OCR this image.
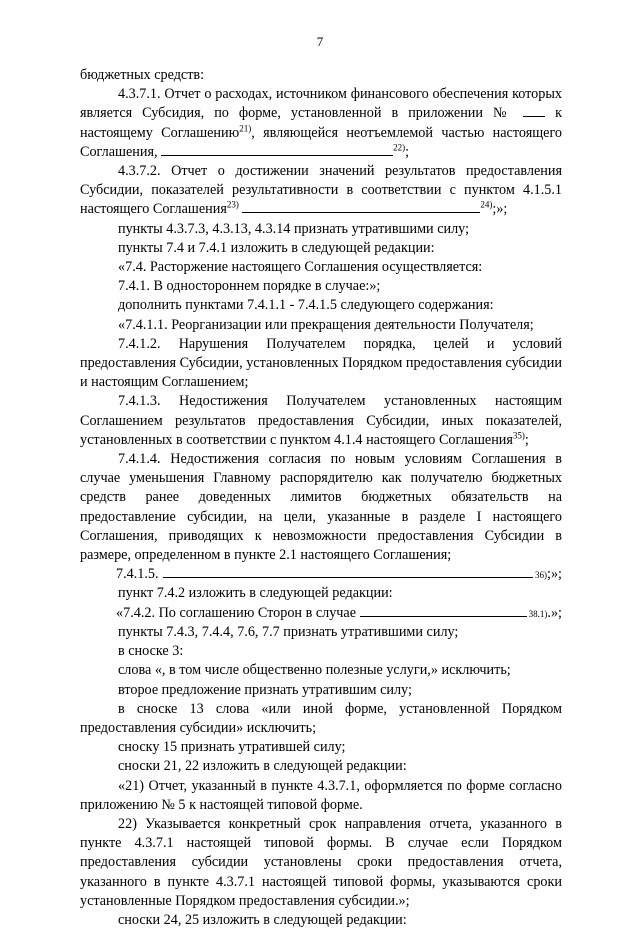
7

бюджетных средств:

4.3.7.1. Отчет о расходах, источником финансового обеспечения которых является Субсидия, по форме, установленной в приложении №	к настоящему Соглашению$^{21)}$, являющейся неотъемлемой частью настоящего Соглашения,	$^{22)}$;

4.3.7.2. Отчет о достижении значений результатов предоставления Субсидии, показателей результативности в соответствии с пунктом 4.1.5.1 настоящего Соглашения$^{23)}$	$^{24)}$;»;

пункты 4.3.7.3, 4.3.13, 4.3.14 признать утратившими силу;

пункты 7.4 и 7.4.1 изложить в следующей редакции:

«7.4. Расторжение настоящего Соглашения осуществляется:

7.4.1. В одностороннем порядке в случае:»;

дополнить пунктами 7.4.1.1 - 7.4.1.5 следующего содержания:

«7.4.1.1. Реорганизации или прекращения деятельности Получателя;

7.4.1.2. Нарушения Получателем порядка, целей и условий предоставления Субсидии, установленных Порядком предоставления субсидии и настоящим Соглашением;

7.4.1.3. Недостижения Получателем установленных настоящим Соглашением результатов предоставления Субсидии, иных показателей, установленных в соответствии с пунктом 4.1.4 настоящего Соглашения$^{35)}$;

7.4.1.4. Недостижения согласия по новым условиям Соглашения в случае уменьшения Главному распорядителю как получателю бюджетных средств ранее доведенных лимитов бюджетных обязательств на предоставление субсидии, на цели, указанные в разделе I настоящего Соглашения, приводящих к невозможности предоставления Субсидии в размере, определенном в пункте 2.1 настоящего Соглашения;

7.4.1.5.	36) ;»;

пункт 7.4.2 изложить в следующей редакции:

«7.4.2. По соглашению Сторон в случае	38.1) .»;

пункты 7.4.3, 7.4.4, 7.6, 7.7 признать утратившими силу;

в сноске 3:

слова «, в том числе общественно полезные услуги,» исключить;

второе предложение признать утратившим силу;

в сноске 13 слова «или иной форме, установленной Порядком предоставления субсидии» исключить;

сноску 15 признать утратившей силу;

сноски 21, 22 изложить в следующей редакции:

«21) Отчет, указанный в пункте 4.3.7.1, оформляется по форме согласно приложению № 5 к настоящей типовой форме.

22) Указывается конкретный срок направления отчета, указанного в пункте 4.3.7.1 настоящей типовой формы. В случае если Порядком предоставления субсидии установлены сроки предоставления отчета, указанного в пункте 4.3.7.1 настоящей типовой формы, указываются сроки установленные Порядком предоставления субсидии.»;

сноски 24, 25 изложить в следующей редакции:
